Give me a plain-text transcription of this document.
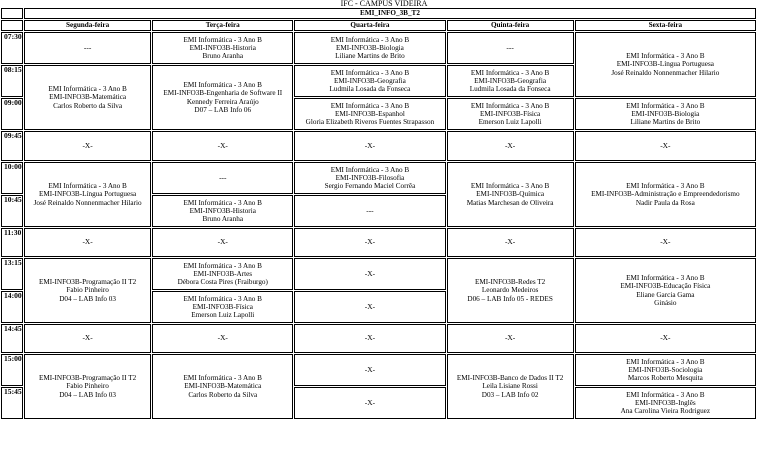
IFC - CAMPUS VIDEIRA
	EMI_INFO_3B_T2				
	Segunda-feira	Terça-feira	Quarta-feira	Quinta-feira	Sexta-feira
07:30	---	EMI Informática - 3 Ano B
EMI-INFO3B-Historia
Bruno Aranha	EMI Informática - 3 Ano B
EMI-INFO3B-Biologia
Liliane Martins de Brito	---	EMI Informática - 3 Ano B
EMI-INFO3B-Língua Portuguesa
José Reinaldo Nonnenmacher Hilario

08:15	EMI Informática - 3 Ano B
EMI-INFO3B-Matemática
Carlos Roberto da Silva	EMI Informática - 3 Ano B
EMI-INFO3B-Engenharia de Software II
Kennedy Ferreira Araújo
D07 – LAB Info 06	EMI Informática - 3 Ano B
EMI-INFO3B-Geografia
Ludmila Losada da Fonseca	EMI Informática - 3 Ano B
EMI-INFO3B-Geografia
Ludmila Losada da Fonseca	

09:00			EMI Informática - 3 Ano B
EMI-INFO3B-Espanhol
Gloria Elizabeth Riveros Fuentes Strapasson	EMI Informática - 3 Ano B
EMI-INFO3B-Física
Emerson Luiz Lapolli	EMI Informática - 3 Ano B
EMI-INFO3B-Biologia
Liliane Martins de Brito

09:45	-X-	-X-	-X-	-X-	-X-
10:00	EMI Informática - 3 Ano B
EMI-INFO3B-Língua Portuguesa
José Reinaldo Nonnenmacher Hilario	---	EMI Informática - 3 Ano B
EMI-INFO3B-Filosofia
Sergio Fernando Maciel Corrêa	EMI Informática - 3 Ano B
EMI-INFO3B-Química
Matias Marchesan de Oliveira	EMI Informática - 3 Ano B
EMI-INFO3B-Administração e Empreendedorismo
Nadir Paula da Rosa

10:45		EMI Informática - 3 Ano B
EMI-INFO3B-Historia
Bruno Aranha	---		
11:30	-X-	-X-	-X-	-X-	-X-
13:15	EMI-INFO3B-Programação II T2
Fabio Pinheiro
D04 – LAB Info 03	EMI Informática - 3 Ano B
EMI-INFO3B-Artes
Débora Costa Pires (Fraiburgo)	-X-	EMI-INFO3B-Redes T2
Leonardo Medeiros
D06 – LAB Info 05 - REDES	EMI Informática - 3 Ano B
EMI-INFO3B-Educação Física
Eliane Garcia Gama
Ginásio

14:00		EMI Informática - 3 Ano B
EMI-INFO3B-Física
Emerson Luiz Lapolli	-X-		
14:45	-X-	-X-	-X-	-X-	-X-
15:00	EMI-INFO3B-Programação II T2
Fabio Pinheiro
D04 – LAB Info 03	EMI Informática - 3 Ano B
EMI-INFO3B-Matemática
Carlos Roberto da Silva	-X-	EMI-INFO3B-Banco de Dados II T2
Leila Lisiane Rossi
D03 – LAB Info 02	EMI Informática - 3 Ano B
EMI-INFO3B-Sociologia
Marcos Roberto Mesquita

15:45			-X-		EMI Informática - 3 Ano B
EMI-INFO3B-Inglês
Ana Carolina Vieira Rodriguez
